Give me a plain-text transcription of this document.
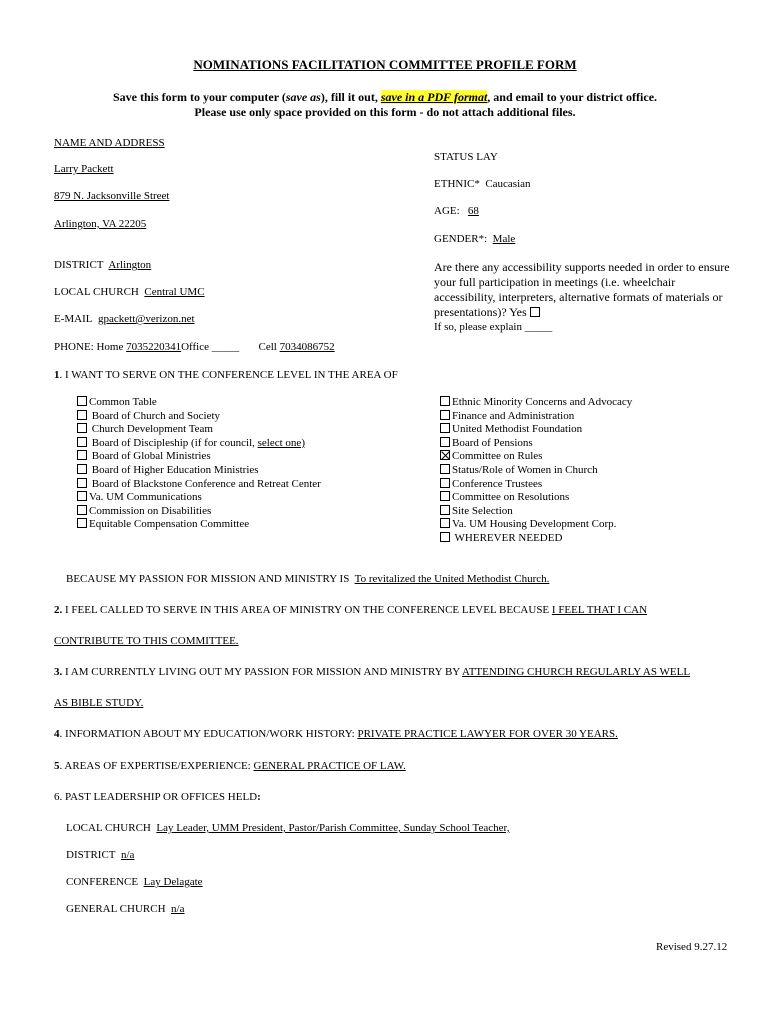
NOMINATIONS FACILITATION COMMITTEE PROFILE FORM
Save this form to your computer (save as), fill it out, save in a PDF format, and email to your district office.
Please use only space provided on this form - do not attach additional files.
NAME AND ADDRESS
Larry Packett
879 N. Jacksonville Street
Arlington, VA 22205
DISTRICT Arlington
LOCAL CHURCH Central UMC
E-MAIL gpackett@verizon.net
PHONE: Home 7035220341Office _____ Cell 7034086752
STATUS LAY
ETHNIC* Caucasian
AGE: 68
GENDER*: Male
Are there any accessibility supports needed in order to ensure your full participation in meetings (i.e. wheelchair accessibility, interpreters, alternative formats of materials or presentations)? Yes
If so, please explain _____
1. I WANT TO SERVE ON THE CONFERENCE LEVEL IN THE AREA OF
Common Table
Board of Church and Society
Church Development Team
Board of Discipleship (if for council, select one)
Board of Global Ministries
Board of Higher Education Ministries
Board of Blackstone Conference and Retreat Center
Va. UM Communications
Commission on Disabilities
Equitable Compensation Committee
Ethnic Minority Concerns and Advocacy
Finance and Administration
United Methodist Foundation
Board of Pensions
Committee on Rules
Status/Role of Women in Church
Conference Trustees
Committee on Resolutions
Site Selection
Va. UM Housing Development Corp.
WHEREVER NEEDED
BECAUSE MY PASSION FOR MISSION AND MINISTRY IS To revitalized the United Methodist Church.
2. I FEEL CALLED TO SERVE IN THIS AREA OF MINISTRY ON THE CONFERENCE LEVEL BECAUSE I FEEL THAT I CAN
CONTRIBUTE TO THIS COMMITTEE.
3. I AM CURRENTLY LIVING OUT MY PASSION FOR MISSION AND MINISTRY BY ATTENDING CHURCH REGULARLY AS WELL
AS BIBLE STUDY.
4. INFORMATION ABOUT MY EDUCATION/WORK HISTORY: PRIVATE PRACTICE LAWYER FOR OVER 30 YEARS.
5. AREAS OF EXPERTISE/EXPERIENCE: GENERAL PRACTICE OF LAW.
6. PAST LEADERSHIP OR OFFICES HELD:
LOCAL CHURCH Lay Leader, UMM President, Pastor/Parish Committee, Sunday School Teacher,
DISTRICT n/a
CONFERENCE Lay Delagate
GENERAL CHURCH n/a
Revised 9.27.12
